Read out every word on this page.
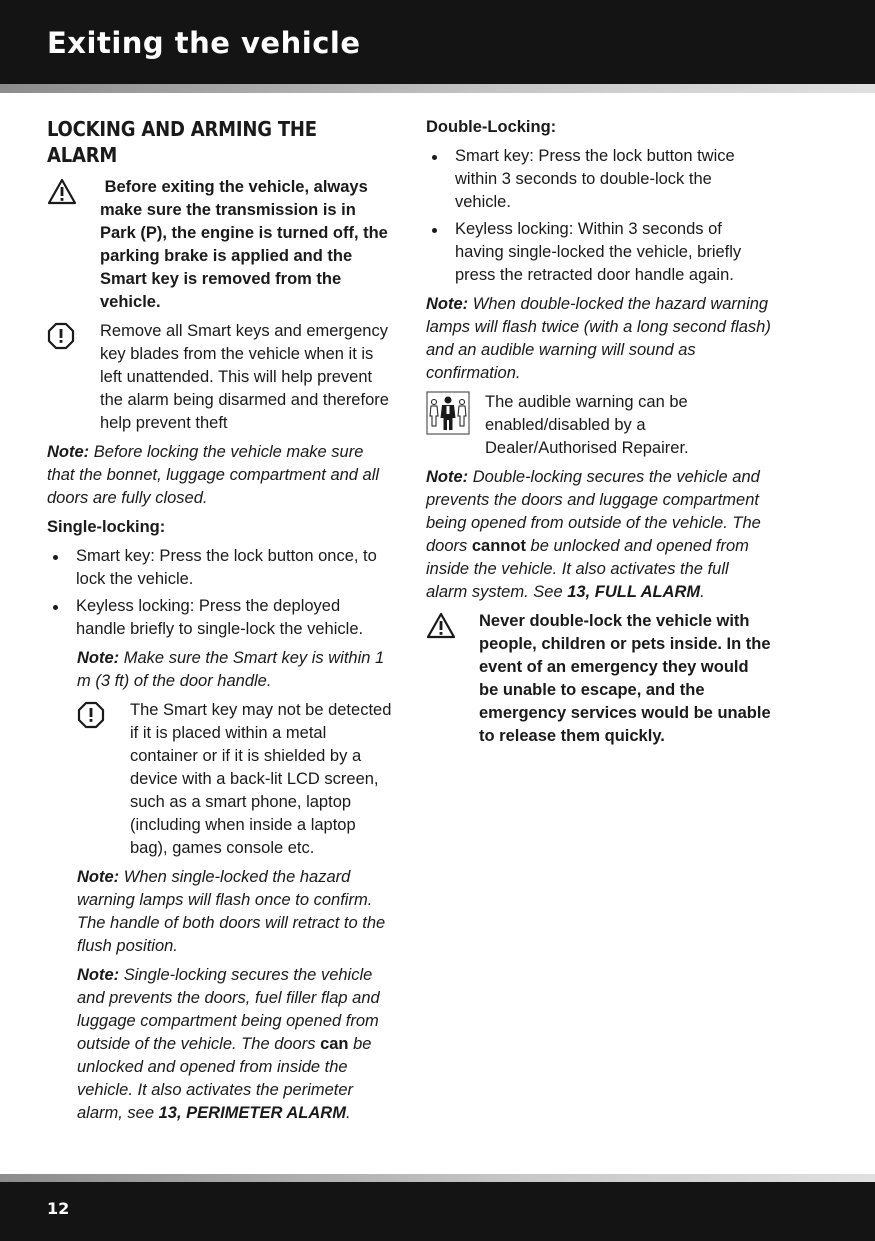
Exiting the vehicle
LOCKING AND ARMING THE ALARM
Before exiting the vehicle, always make sure the transmission is in Park (P), the engine is turned off, the parking brake is applied and the Smart key is removed from the vehicle.
Remove all Smart keys and emergency key blades from the vehicle when it is left unattended. This will help prevent the alarm being disarmed and therefore help prevent theft

Note: Before locking the vehicle make sure that the bonnet, luggage compartment and all doors are fully closed.

Single-locking:
Smart key: Press the lock button once, to lock the vehicle.
Keyless locking: Press the deployed handle briefly to single-lock the vehicle.

Note: Make sure the Smart key is within 1 m (3 ft) of the door handle.

The Smart key may not be detected if it is placed within a metal container or if it is shielded by a device with a back-lit LCD screen, such as a smart phone, laptop (including when inside a laptop bag), games console etc.

Note: When single-locked the hazard warning lamps will flash once to confirm. The handle of both doors will retract to the flush position.

Note: Single-locking secures the vehicle and prevents the doors, fuel filler flap and luggage compartment being opened from outside of the vehicle. The doors can be unlocked and opened from inside the vehicle. It also activates the perimeter alarm, see 13, PERIMETER ALARM.

Double-Locking:
Smart key: Press the lock button twice within 3 seconds to double-lock the vehicle.
Keyless locking: Within 3 seconds of having single-locked the vehicle, briefly press the retracted door handle again.

Note: When double-locked the hazard warning lamps will flash twice (with a long second flash) and an audible warning will sound as confirmation.

The audible warning can be enabled/disabled by a Dealer/Authorised Repairer.

Note: Double-locking secures the vehicle and prevents the doors and luggage compartment being opened from outside of the vehicle. The doors cannot be unlocked and opened from inside the vehicle. It also activates the full alarm system. See 13, FULL ALARM.

Never double-lock the vehicle with people, children or pets inside. In the event of an emergency they would be unable to escape, and the emergency services would be unable to release them quickly.
12
